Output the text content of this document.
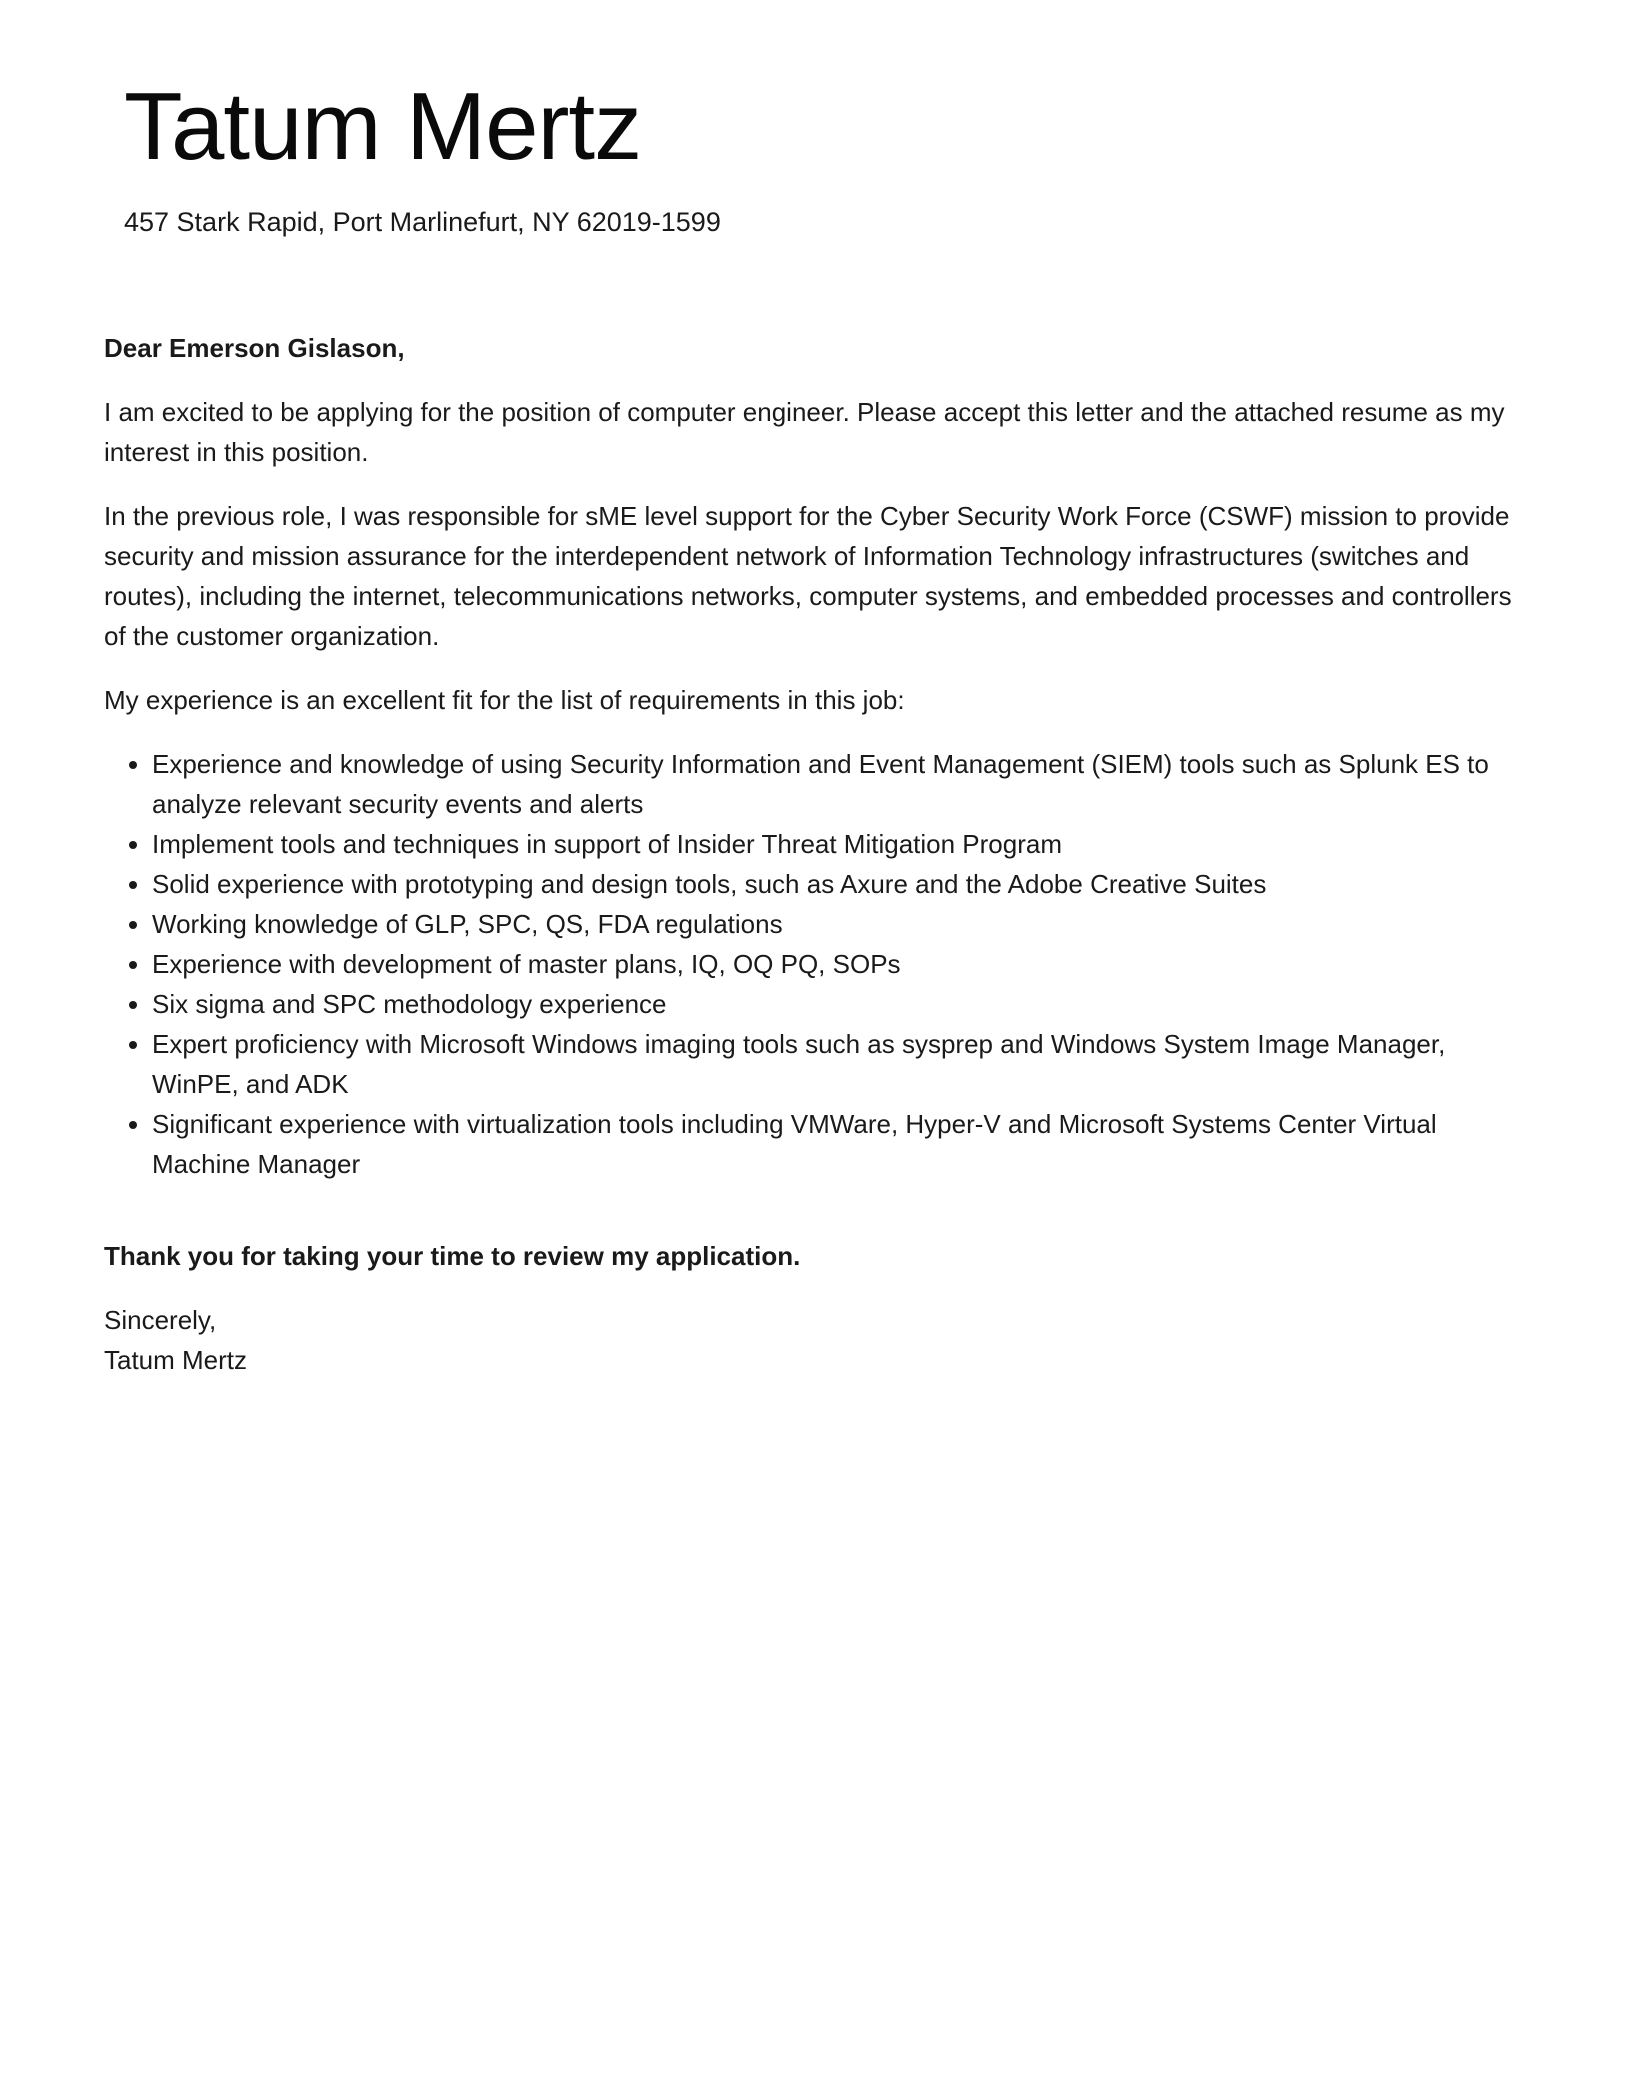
Tatum Mertz
457 Stark Rapid, Port Marlinefurt, NY 62019-1599

Dear Emerson Gislason,

I am excited to be applying for the position of computer engineer. Please accept this letter and the attached resume as my interest in this position.

In the previous role, I was responsible for sME level support for the Cyber Security Work Force (CSWF) mission to provide security and mission assurance for the interdependent network of Information Technology infrastructures (switches and routes), including the internet, telecommunications networks, computer systems, and embedded processes and controllers of the customer organization.

My experience is an excellent fit for the list of requirements in this job:

• Experience and knowledge of using Security Information and Event Management (SIEM) tools such as Splunk ES to analyze relevant security events and alerts
• Implement tools and techniques in support of Insider Threat Mitigation Program
• Solid experience with prototyping and design tools, such as Axure and the Adobe Creative Suites
• Working knowledge of GLP, SPC, QS, FDA regulations
• Experience with development of master plans, IQ, OQ PQ, SOPs
• Six sigma and SPC methodology experience
• Expert proficiency with Microsoft Windows imaging tools such as sysprep and Windows System Image Manager, WinPE, and ADK
• Significant experience with virtualization tools including VMWare, Hyper-V and Microsoft Systems Center Virtual Machine Manager

Thank you for taking your time to review my application.

Sincerely,

Tatum Mertz
